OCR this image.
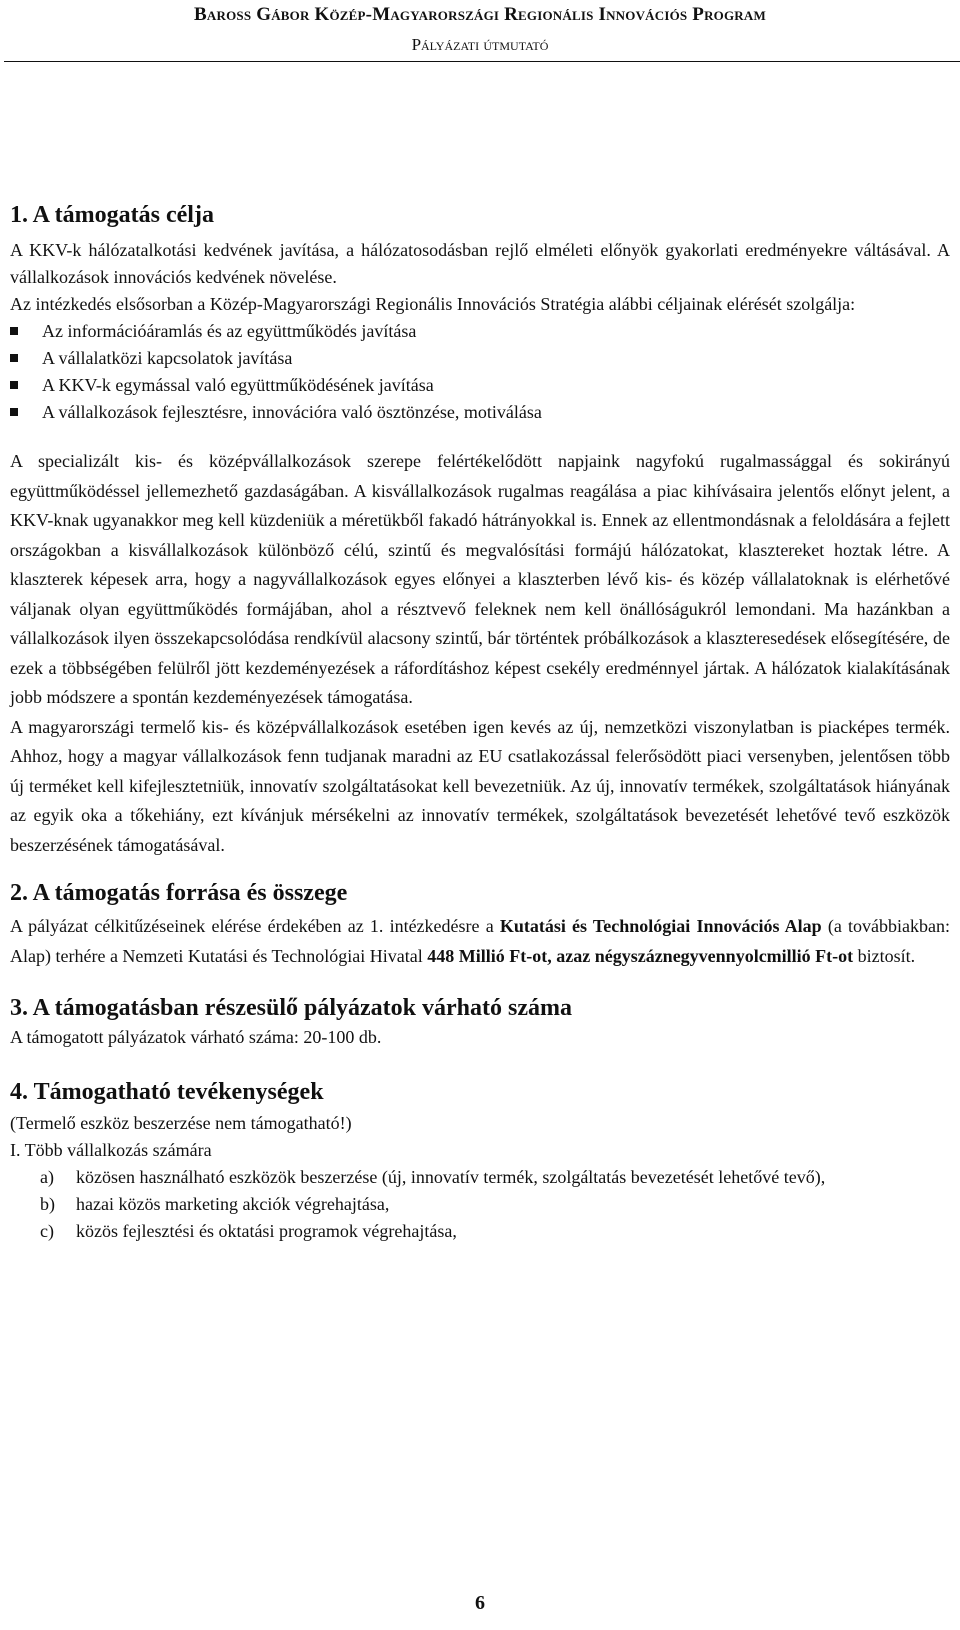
Baross Gábor Közép-Magyarországi Regionális Innovációs Program
Pályázati útmutató
1. A támogatás célja

A KKV-k hálózatalkotási kedvének javítása, a hálózatosodásban rejlő elméleti előnyök gyakorlati eredményekre váltásával. A vállalkozások innovációs kedvének növelése.

Az intézkedés elsősorban a Közép-Magyarországi Regionális Innovációs Stratégia alábbi céljainak elérését szolgálja:

Az információáramlás és az együttműködés javítása
A vállalatközi kapcsolatok javítása
A KKV-k egymással való együttműködésének javítása
A vállalkozások fejlesztésre, innovációra való ösztönzése, motiválása

A specializált kis- és középvállalkozások szerepe felértékelődött napjaink nagyfokú rugalmassággal és sokirányú együttműködéssel jellemezhető gazdaságában. A kisvállalkozások rugalmas reagálása a piac kihívásaira jelentős előnyt jelent, a KKV-knak ugyanakkor meg kell küzdeniük a méretükből fakadó hátrányokkal is. Ennek az ellentmondásnak a feloldására a fejlett országokban a kisvállalkozások különböző célú, szintű és megvalósítási formájú hálózatokat, klasztereket hoztak létre. A klaszterek képesek arra, hogy a nagyvállalkozások egyes előnyei a klaszterben lévő kis- és közép vállalatoknak is elérhetővé váljanak olyan együttműködés formájában, ahol a résztvevő feleknek nem kell önállóságukról lemondani. Ma hazánkban a vállalkozások ilyen összekapcsolódása rendkívül alacsony szintű, bár történtek próbálkozások a klaszteresedések elősegítésére, de ezek a többségében felülről jött kezdeményezések a ráfordításhoz képest csekély eredménnyel jártak. A hálózatok kialakításának jobb módszere a spontán kezdeményezések támogatása.

A magyarországi termelő kis- és középvállalkozások esetében igen kevés az új, nemzetközi viszonylatban is piacképes termék. Ahhoz, hogy a magyar vállalkozások fenn tudjanak maradni az EU csatlakozással felerősödött piaci versenyben, jelentősen több új terméket kell kifejlesztetniük, innovatív szolgáltatásokat kell bevezetniük. Az új, innovatív termékek, szolgáltatások hiányának az egyik oka a tőkehiány, ezt kívánjuk mérsékelni az innovatív termékek, szolgáltatások bevezetését lehetővé tevő eszközök beszerzésének támogatásával.

2. A támogatás forrása és összege

A pályázat célkitűzéseinek elérése érdekében az 1. intézkedésre a Kutatási és Technológiai Innovációs Alap (a továbbiakban: Alap) terhére a Nemzeti Kutatási és Technológiai Hivatal 448 Millió Ft-ot, azaz négyszáznegyvennyolcmillió Ft-ot biztosít.

3. A támogatásban részesülő pályázatok várható száma

A támogatott pályázatok várható száma: 20-100 db.

4. Támogatható tevékenységek

(Termelő eszköz beszerzése nem támogatható!)

I. Több vállalkozás számára

a) közösen használható eszközök beszerzése (új, innovatív termék, szolgáltatás bevezetését lehetővé tevő),
b) hazai közös marketing akciók végrehajtása,
c) közös fejlesztési és oktatási programok végrehajtása,
6
